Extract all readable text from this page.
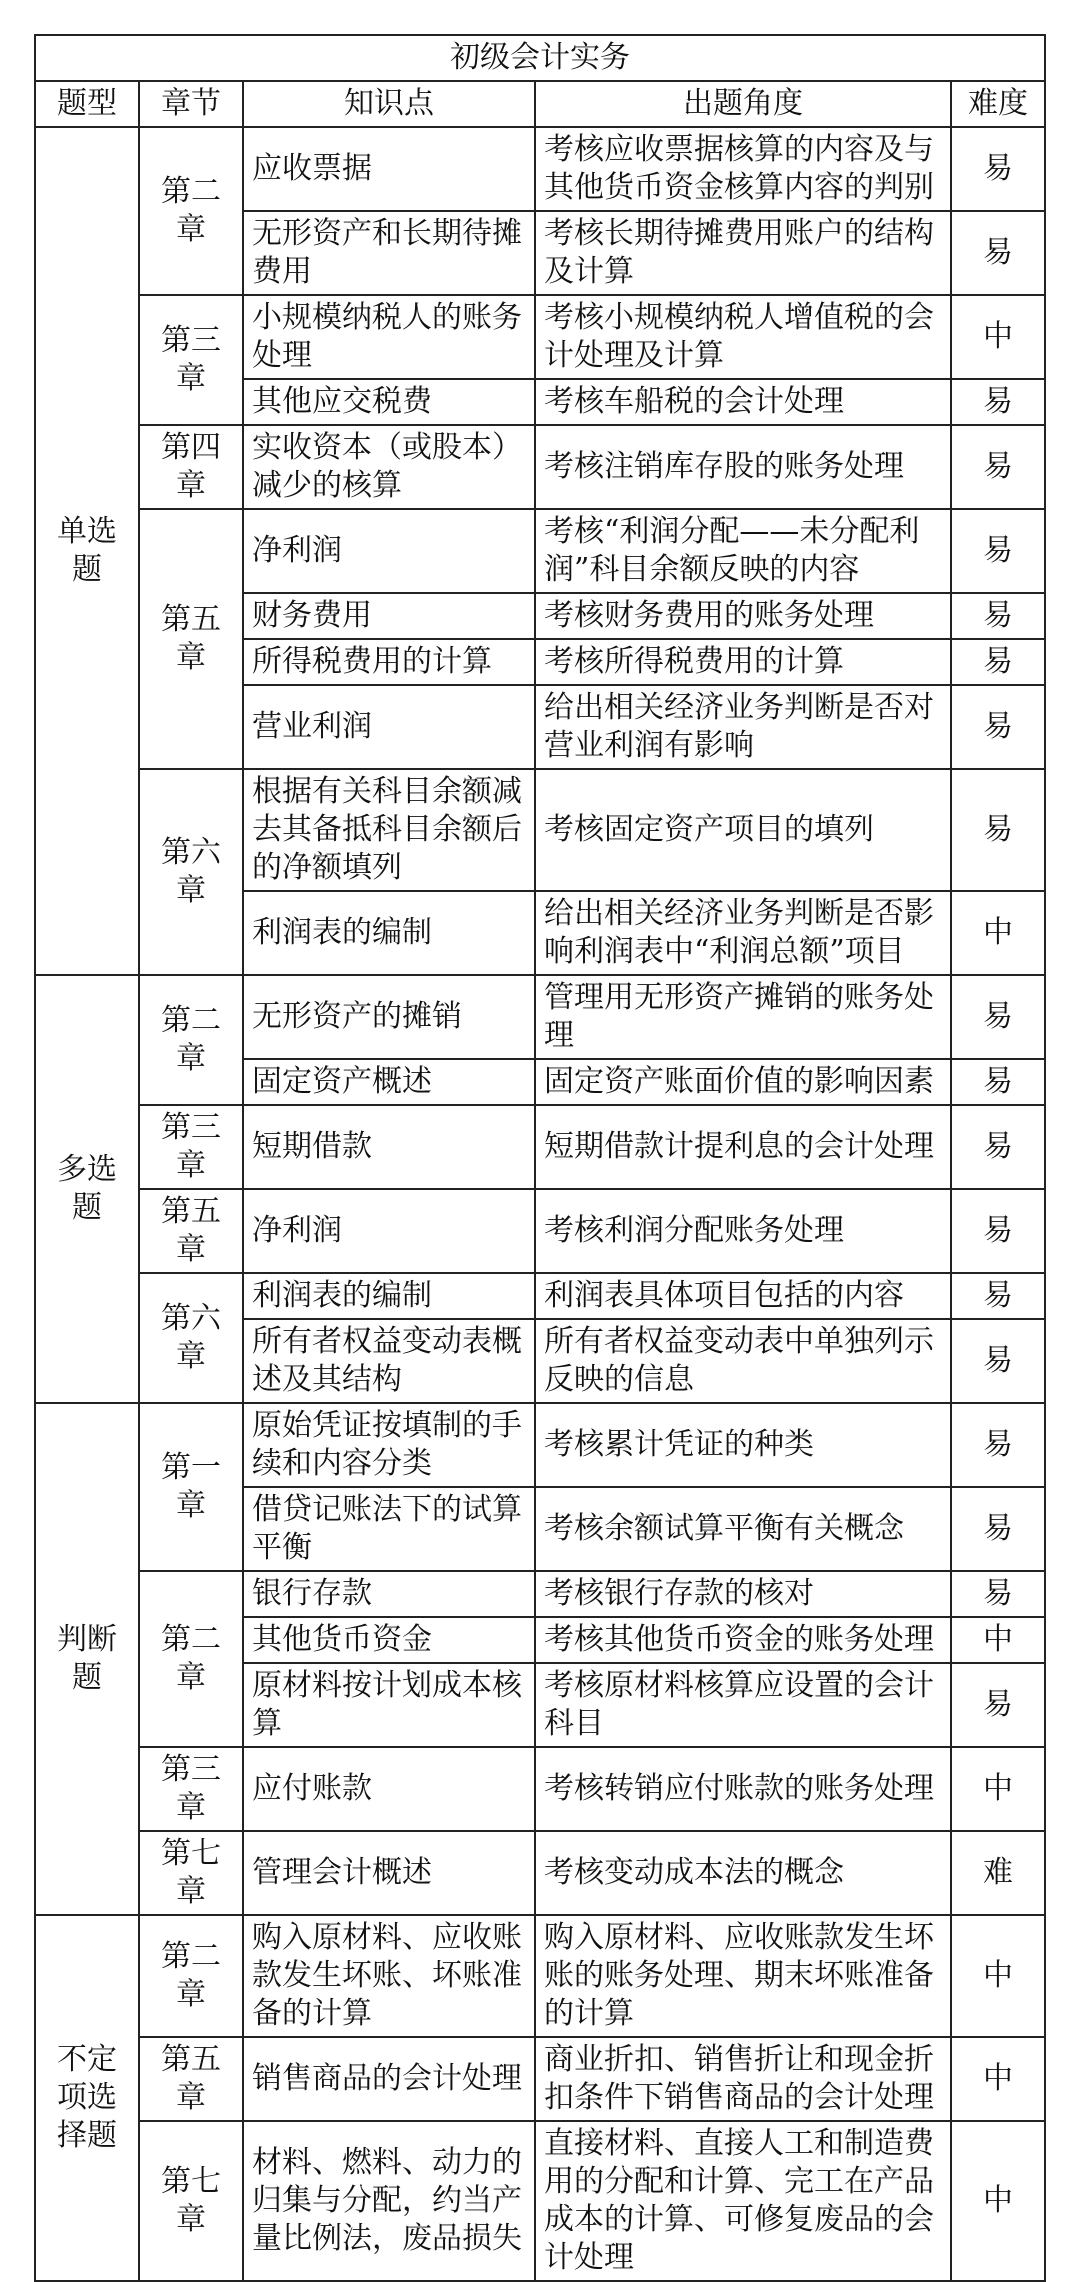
初级会计实务				
题型	章节	知识点	出题角度	难度
单选题	第二章	应收票据	考核应收票据核算的内容及与其他货币资金核算内容的判别	易
		无形资产和长期待摊费用	考核长期待摊费用账户的结构及计算	易
	第三章	小规模纳税人的账务处理	考核小规模纳税人增值税的会计处理及计算	中
		其他应交税费	考核车船税的会计处理	易
	第四章	实收资本（或股本）减少的核算	考核注销库存股的账务处理	易
	第五章	净利润	考核“利润分配——未分配利润”科目余额反映的内容	易
		财务费用	考核财务费用的账务处理	易
		所得税费用的计算	考核所得税费用的计算	易
		营业利润	给出相关经济业务判断是否对营业利润有影响	易
	第六章	根据有关科目余额减去其备抵科目余额后的净额填列	考核固定资产项目的填列	易
		利润表的编制	给出相关经济业务判断是否影响利润表中“利润总额”项目	中
多选题	第二章	无形资产的摊销	管理用无形资产摊销的账务处理	易
		固定资产概述	固定资产账面价值的影响因素	易
	第三章	短期借款	短期借款计提利息的会计处理	易
	第五章	净利润	考核利润分配账务处理	易
	第六章	利润表的编制	利润表具体项目包括的内容	易
		所有者权益变动表概述及其结构	所有者权益变动表中单独列示反映的信息	易
判断题	第一章	原始凭证按填制的手续和内容分类	考核累计凭证的种类	易
		借贷记账法下的试算平衡	考核余额试算平衡有关概念	易
	第二章	银行存款	考核银行存款的核对	易
		其他货币资金	考核其他货币资金的账务处理	中
		原材料按计划成本核算	考核原材料核算应设置的会计科目	易
	第三章	应付账款	考核转销应付账款的账务处理	中
	第七章	管理会计概述	考核变动成本法的概念	难
不定项选择题	第二章	购入原材料、应收账款发生坏账、坏账准备的计算	购入原材料、应收账款发生坏账的账务处理、期末坏账准备的计算	中
	第五章	销售商品的会计处理	商业折扣、销售折让和现金折扣条件下销售商品的会计处理	中
	第七章	材料、燃料、动力的归集与分配，约当产量比例法，废品损失	直接材料、直接人工和制造费用的分配和计算、完工在产品成本的计算、可修复废品的会计处理	中
